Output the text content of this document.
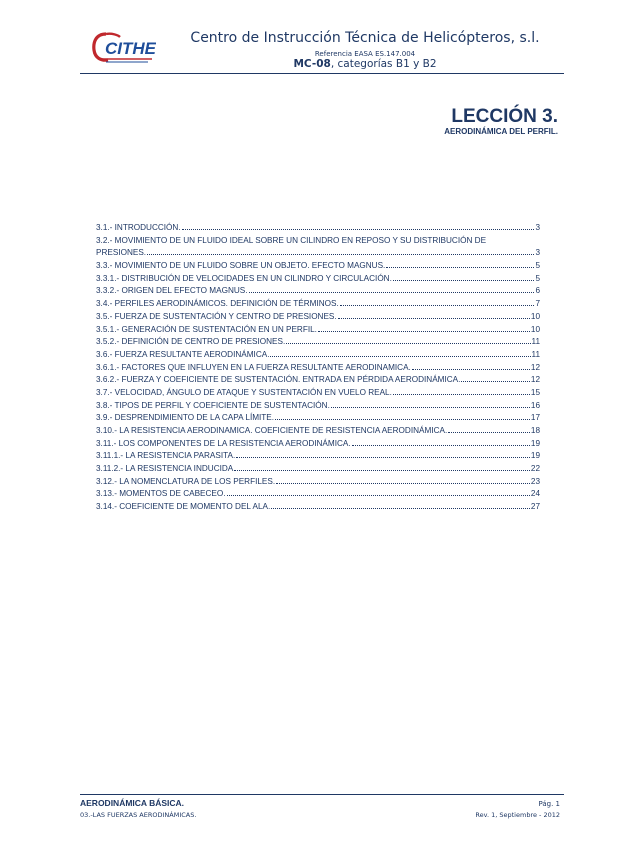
CITHE
Centro de Instrucción Técnica de Helicópteros, s.l.
Referencia EASA ES.147.004
MC-08, categorías B1 y B2
LECCIÓN 3.
AERODINÁMICA DEL PERFIL.
3.1.- INTRODUCCIÓN.	3
3.2.- MOVIMIENTO DE UN FLUIDO IDEAL SOBRE UN CILINDRO EN REPOSO Y SU DISTRIBUCIÓN DE
PRESIONES.	3
3.3.- MOVIMIENTO DE UN FLUIDO SOBRE UN OBJETO. EFECTO MAGNUS.	5
3.3.1.- DISTRIBUCIÓN DE VELOCIDADES EN UN CILINDRO Y CIRCULACIÓN.	5
3.3.2.- ORIGEN DEL EFECTO MAGNUS.	6
3.4.- PERFILES AERODINÁMICOS. DEFINICIÓN DE TÉRMINOS.	7
3.5.- FUERZA DE SUSTENTACIÓN Y CENTRO DE PRESIONES.	10
3.5.1.- GENERACIÓN DE SUSTENTACIÓN EN UN PERFIL.	10
3.5.2.- DEFINICIÓN DE CENTRO DE PRESIONES.	11
3.6.- FUERZA RESULTANTE AERODINÁMICA.	11
3.6.1.- FACTORES QUE INFLUYEN EN LA FUERZA RESULTANTE AERODINAMICA.	12
3.6.2.- FUERZA Y COEFICIENTE DE SUSTENTACIÓN. ENTRADA EN PÉRDIDA AERODINÁMICA.	12
3.7.- VELOCIDAD, ÁNGULO DE ATAQUE Y SUSTENTACIÓN EN VUELO REAL.	15
3.8.- TIPOS DE PERFIL Y COEFICIENTE DE SUSTENTACIÓN.	16
3.9.- DESPRENDIMIENTO DE LA CAPA LÍMITE.	17
3.10.- LA RESISTENCIA AERODINAMICA. COEFICIENTE DE RESISTENCIA AERODINÁMICA.	18
3.11.- LOS COMPONENTES DE LA RESISTENCIA AERODINÁMICA.	19
3.11.1.- LA RESISTENCIA PARASITA.	19
3.11.2.- LA RESISTENCIA INDUCIDA	22
3.12.- LA NOMENCLATURA DE LOS PERFILES.	23
3.13.- MOMENTOS DE CABECEO.	24
3.14.- COEFICIENTE DE MOMENTO DEL ALA.	27
AERODINÁMICA BÁSICA.
03.-LAS FUERZAS AERODINÁMICAS.
Pág. 1
Rev. 1, Septiembre - 2012
